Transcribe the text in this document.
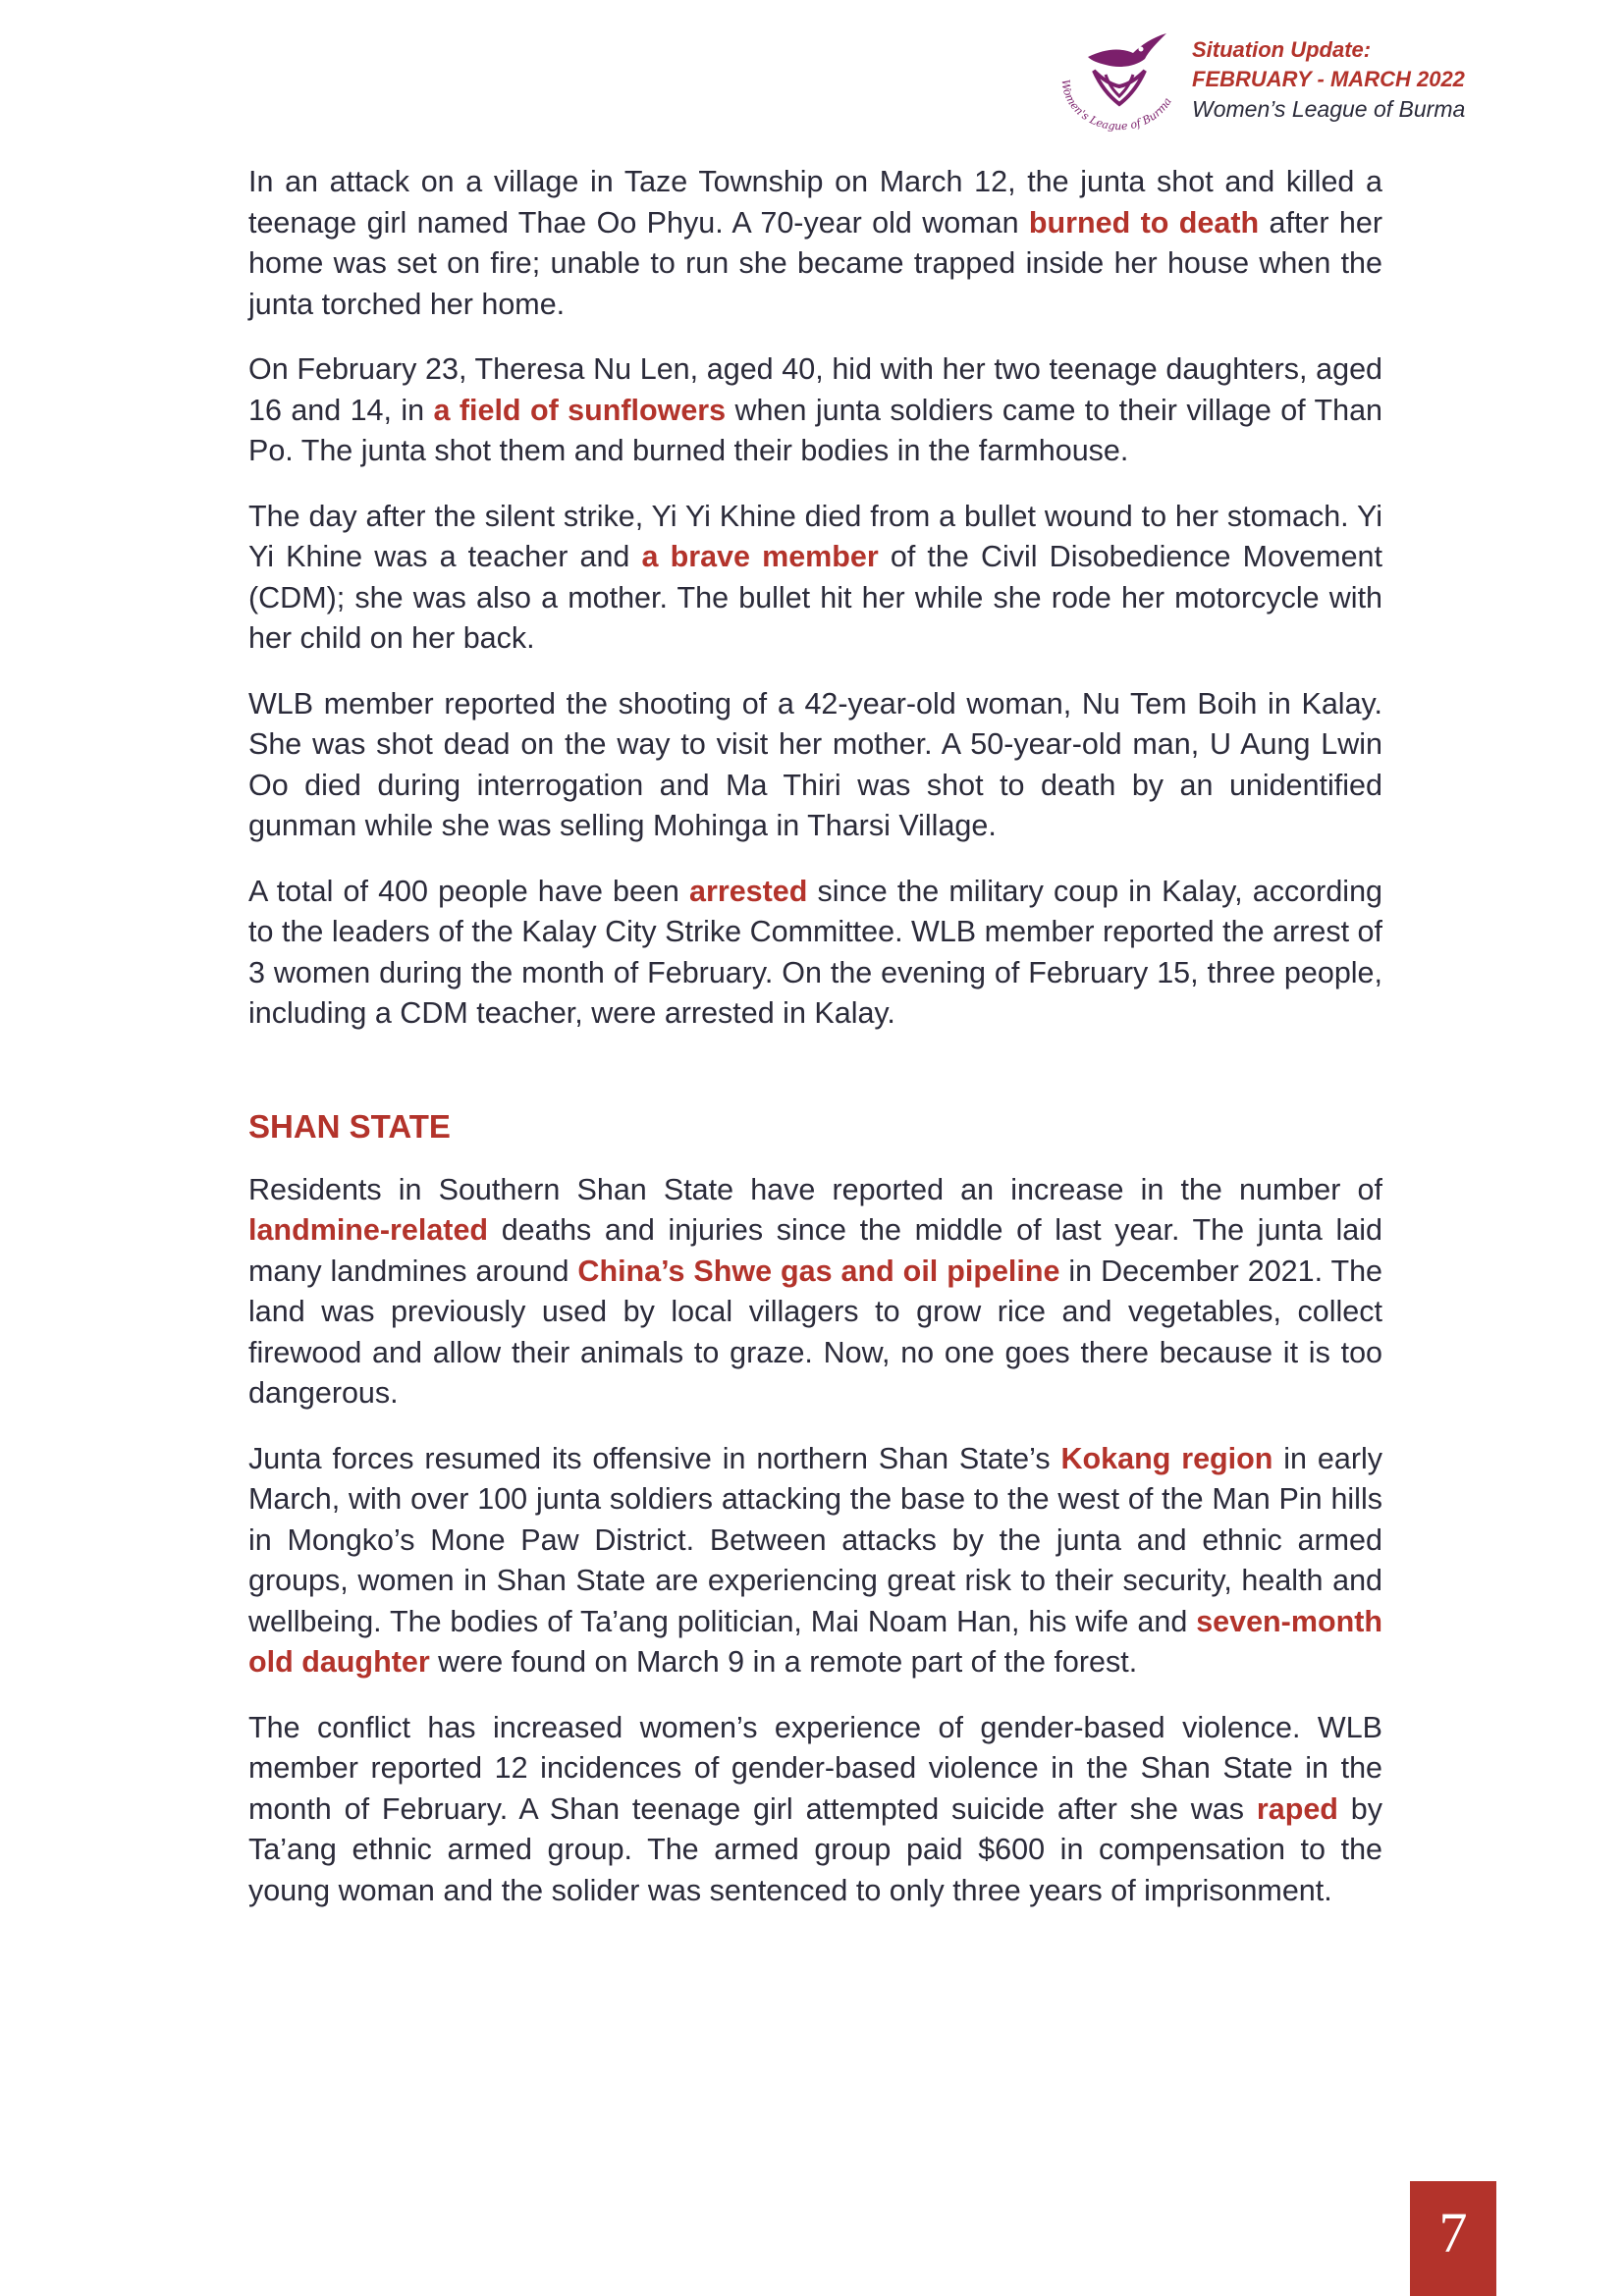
Women's League of Burma
Situation Update:
FEBRUARY - MARCH 2022
Women’s League of Burma

In an attack on a village in Taze Township on March 12, the junta shot and killed a teenage girl named Thae Oo Phyu. A 70-year old woman burned to death after her home was set on fire; unable to run she became trapped inside her house when the junta torched her home.

On February 23, Theresa Nu Len, aged 40, hid with her two teenage daughters, aged 16 and 14, in a field of sunflowers when junta soldiers came to their village of Than Po. The junta shot them and burned their bodies in the farmhouse.

The day after the silent strike, Yi Yi Khine died from a bullet wound to her stomach. Yi Yi Khine was a teacher and a brave member of the Civil Disobedience Movement (CDM); she was also a mother. The bullet hit her while she rode her motorcycle with her child on her back.

WLB member reported the shooting of a 42-year-old woman, Nu Tem Boih in Kalay. She was shot dead on the way to visit her mother. A 50-year-old man, U Aung Lwin Oo died during interrogation and Ma Thiri was shot to death by an unidentified gunman while she was selling Mohinga in Tharsi Village.

A total of 400 people have been arrested since the military coup in Kalay, according to the leaders of the Kalay City Strike Committee. WLB member reported the arrest of 3 women during the month of February. On the evening of February 15, three people, including a CDM teacher, were arrested in Kalay.

SHAN STATE

Residents in Southern Shan State have reported an increase in the number of landmine-related deaths and injuries since the middle of last year. The junta laid many landmines around China’s Shwe gas and oil pipeline in December 2021. The land was previously used by local villagers to grow rice and vegetables, collect firewood and allow their animals to graze. Now, no one goes there because it is too dangerous.

Junta forces resumed its offensive in northern Shan State’s Kokang region in early March, with over 100 junta soldiers attacking the base to the west of the Man Pin hills in Mongko’s Mone Paw District. Between attacks by the junta and ethnic armed groups, women in Shan State are experiencing great risk to their security, health and wellbeing. The bodies of Ta’ang politician, Mai Noam Han, his wife and seven-month old daughter were found on March 9 in a remote part of the forest.

The conflict has increased women’s experience of gender-based violence. WLB member reported 12 incidences of gender-based violence in the Shan State in the month of February. A Shan teenage girl attempted suicide after she was raped by Ta’ang ethnic armed group. The armed group paid $600 in compensation to the young woman and the solider was sentenced to only three years of imprisonment.

7
